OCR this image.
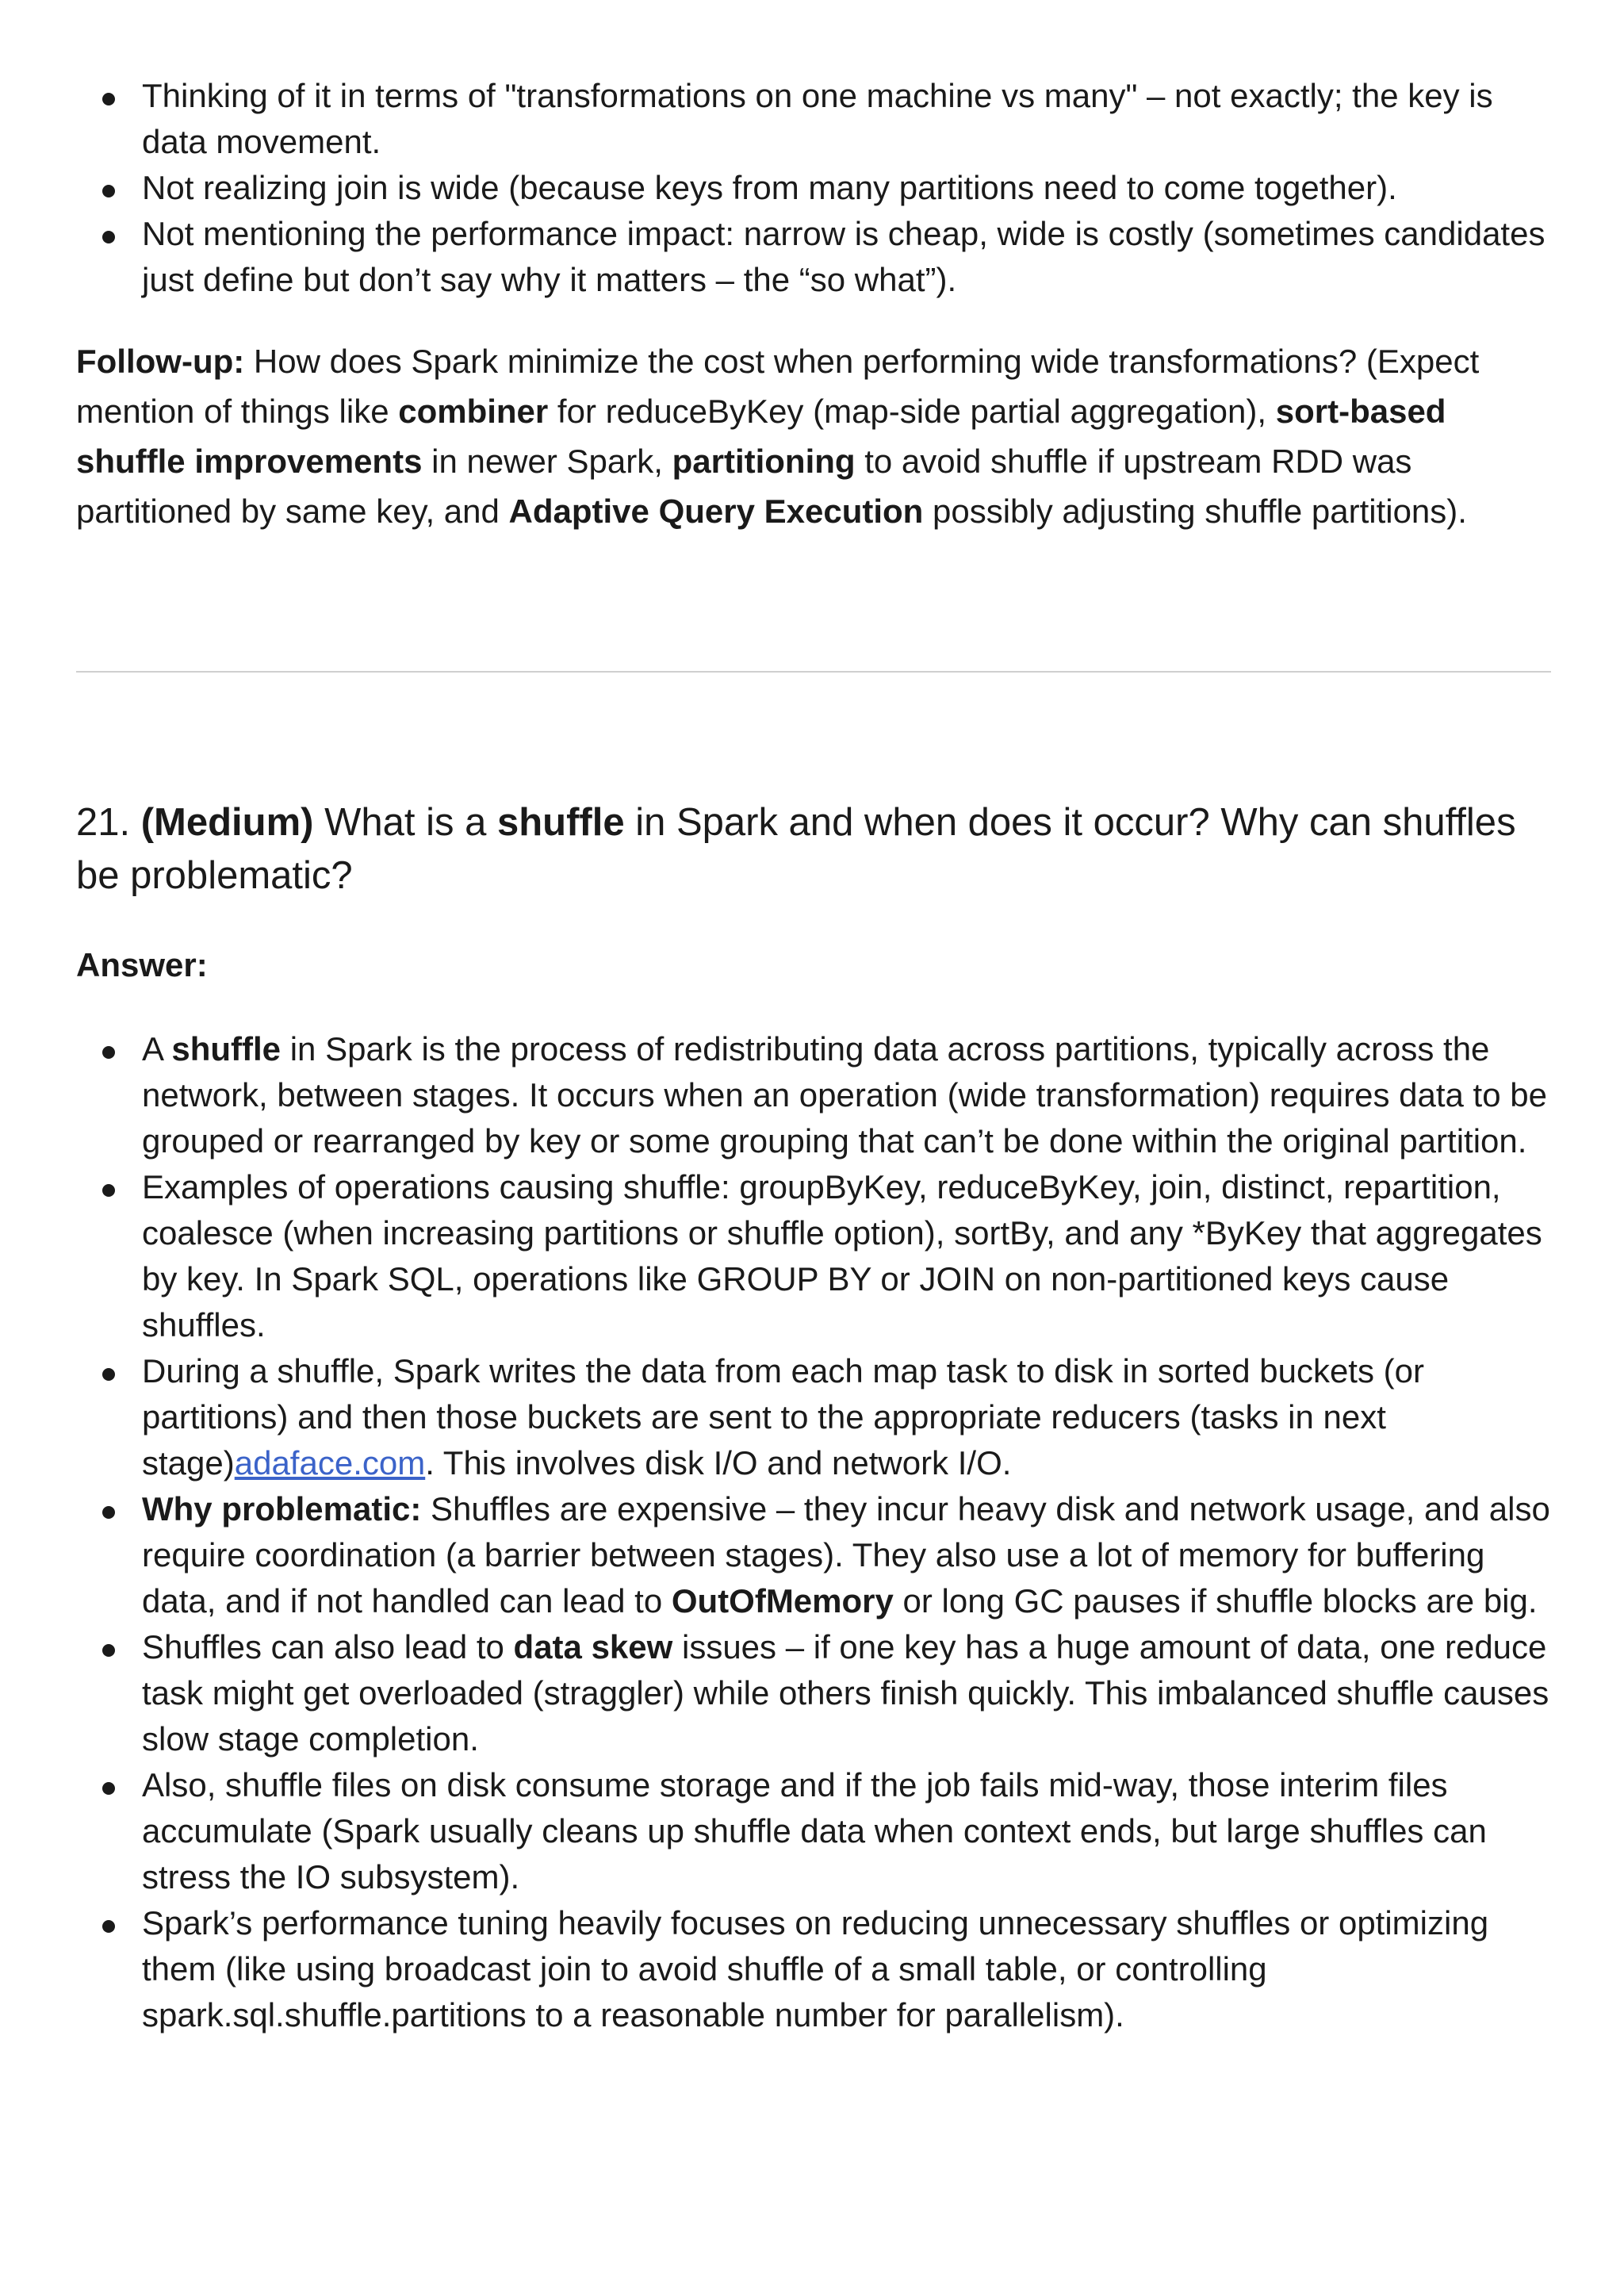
Thinking of it in terms of "transformations on one machine vs many" – not exactly; the key is data movement.
Not realizing join is wide (because keys from many partitions need to come together).
Not mentioning the performance impact: narrow is cheap, wide is costly (sometimes candidates just define but don’t say why it matters – the “so what”).

Follow-up: How does Spark minimize the cost when performing wide transformations? (Expect mention of things like combiner for reduceByKey (map-side partial aggregation), sort-based shuffle improvements in newer Spark, partitioning to avoid shuffle if upstream RDD was partitioned by same key, and Adaptive Query Execution possibly adjusting shuffle partitions).

21. (Medium) What is a shuffle in Spark and when does it occur? Why can shuffles be problematic?
Answer:
A shuffle in Spark is the process of redistributing data across partitions, typically across the network, between stages. It occurs when an operation (wide transformation) requires data to be grouped or rearranged by key or some grouping that can’t be done within the original partition.
Examples of operations causing shuffle: groupByKey, reduceByKey, join, distinct, repartition, coalesce (when increasing partitions or shuffle option), sortBy, and any *ByKey that aggregates by key. In Spark SQL, operations like GROUP BY or JOIN on non-partitioned keys cause shuffles.
During a shuffle, Spark writes the data from each map task to disk in sorted buckets (or partitions) and then those buckets are sent to the appropriate reducers (tasks in next stage)adaface.com. This involves disk I/O and network I/O.
Why problematic: Shuffles are expensive – they incur heavy disk and network usage, and also require coordination (a barrier between stages). They also use a lot of memory for buffering data, and if not handled can lead to OutOfMemory or long GC pauses if shuffle blocks are big.
Shuffles can also lead to data skew issues – if one key has a huge amount of data, one reduce task might get overloaded (straggler) while others finish quickly. This imbalanced shuffle causes slow stage completion.
Also, shuffle files on disk consume storage and if the job fails mid-way, those interim files accumulate (Spark usually cleans up shuffle data when context ends, but large shuffles can stress the IO subsystem).
Spark’s performance tuning heavily focuses on reducing unnecessary shuffles or optimizing them (like using broadcast join to avoid shuffle of a small table, or controlling spark.sql.shuffle.partitions to a reasonable number for parallelism).
